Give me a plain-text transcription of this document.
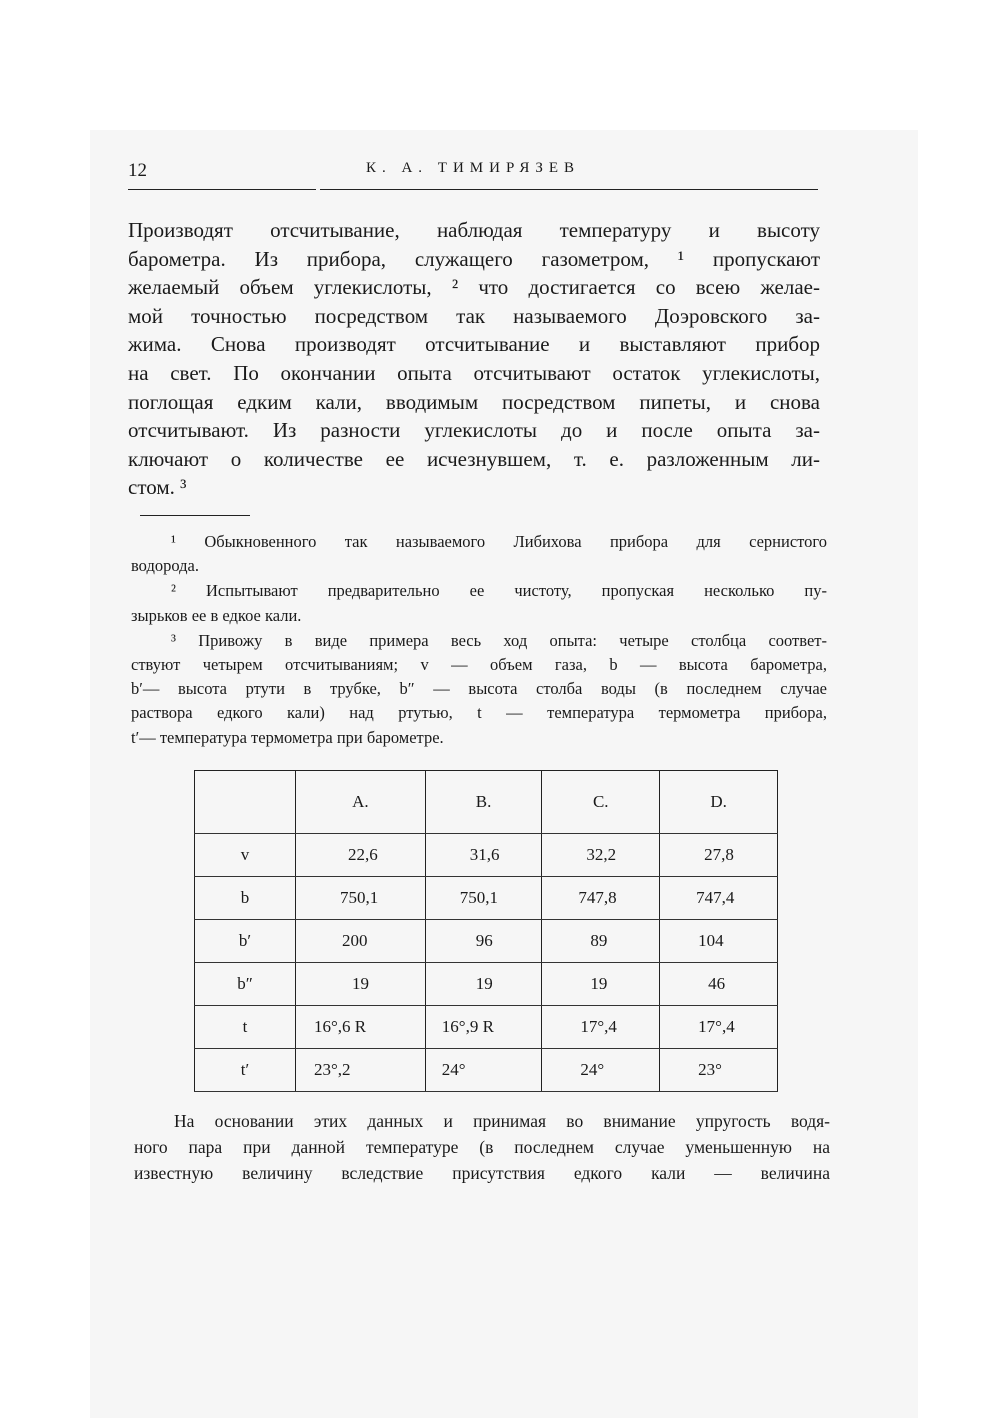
12	К. А. ТИМИРЯЗЕВ

Производят отсчитывание, наблюдая температуру и высоту
барометра. Из прибора, служащего газометром, ¹ пропускают
желаемый объем углекислоты, ² что достигается со всею желае-
мой точностью посредством так называемого Доэровского за-
жима. Снова производят отсчитывание и выставляют прибор
на свет. По окончании опыта отсчитывают остаток углекислоты,
поглощая едким кали, вводимым посредством пипеты, и снова
отсчитывают. Из разности углекислоты до и после опыта за-
ключают о количестве ее исчезнувшем, т. е. разложенным ли-
стом. ³

¹ Обыкновенного так называемого Либихова прибора для сернистого
водорода.
² Испытывают предварительно ее чистоту, пропуская несколько пу-
зырьков ее в едкое кали.
³ Привожу в виде примера весь ход опыта: четыре столбца соответ-
ствуют четырем отсчитываниям; v — объем газа, b — высота барометра,
b′— высота ртути в трубке, b″ — высота столба воды (в последнем случае
раствора едкого кали) над ртутью, t — температура термометра прибора,
t′— температура термометра при барометре.
	A.	B.	C.	D.
v	22,6	31,6	32,2	27,8
b	750,1	750,1	747,8	747,4
b′	200	96	89	104
b″	19	19	19	46
t	16°,6 R	16°,9 R	17°,4	17°,4
t′	23°,2	24°	24°	23°
На основании этих данных и принимая во внимание упругость водя-
ного пара при данной температуре (в последнем случае уменьшенную на
известную величину вследствие присутствия едкого кали — величина
